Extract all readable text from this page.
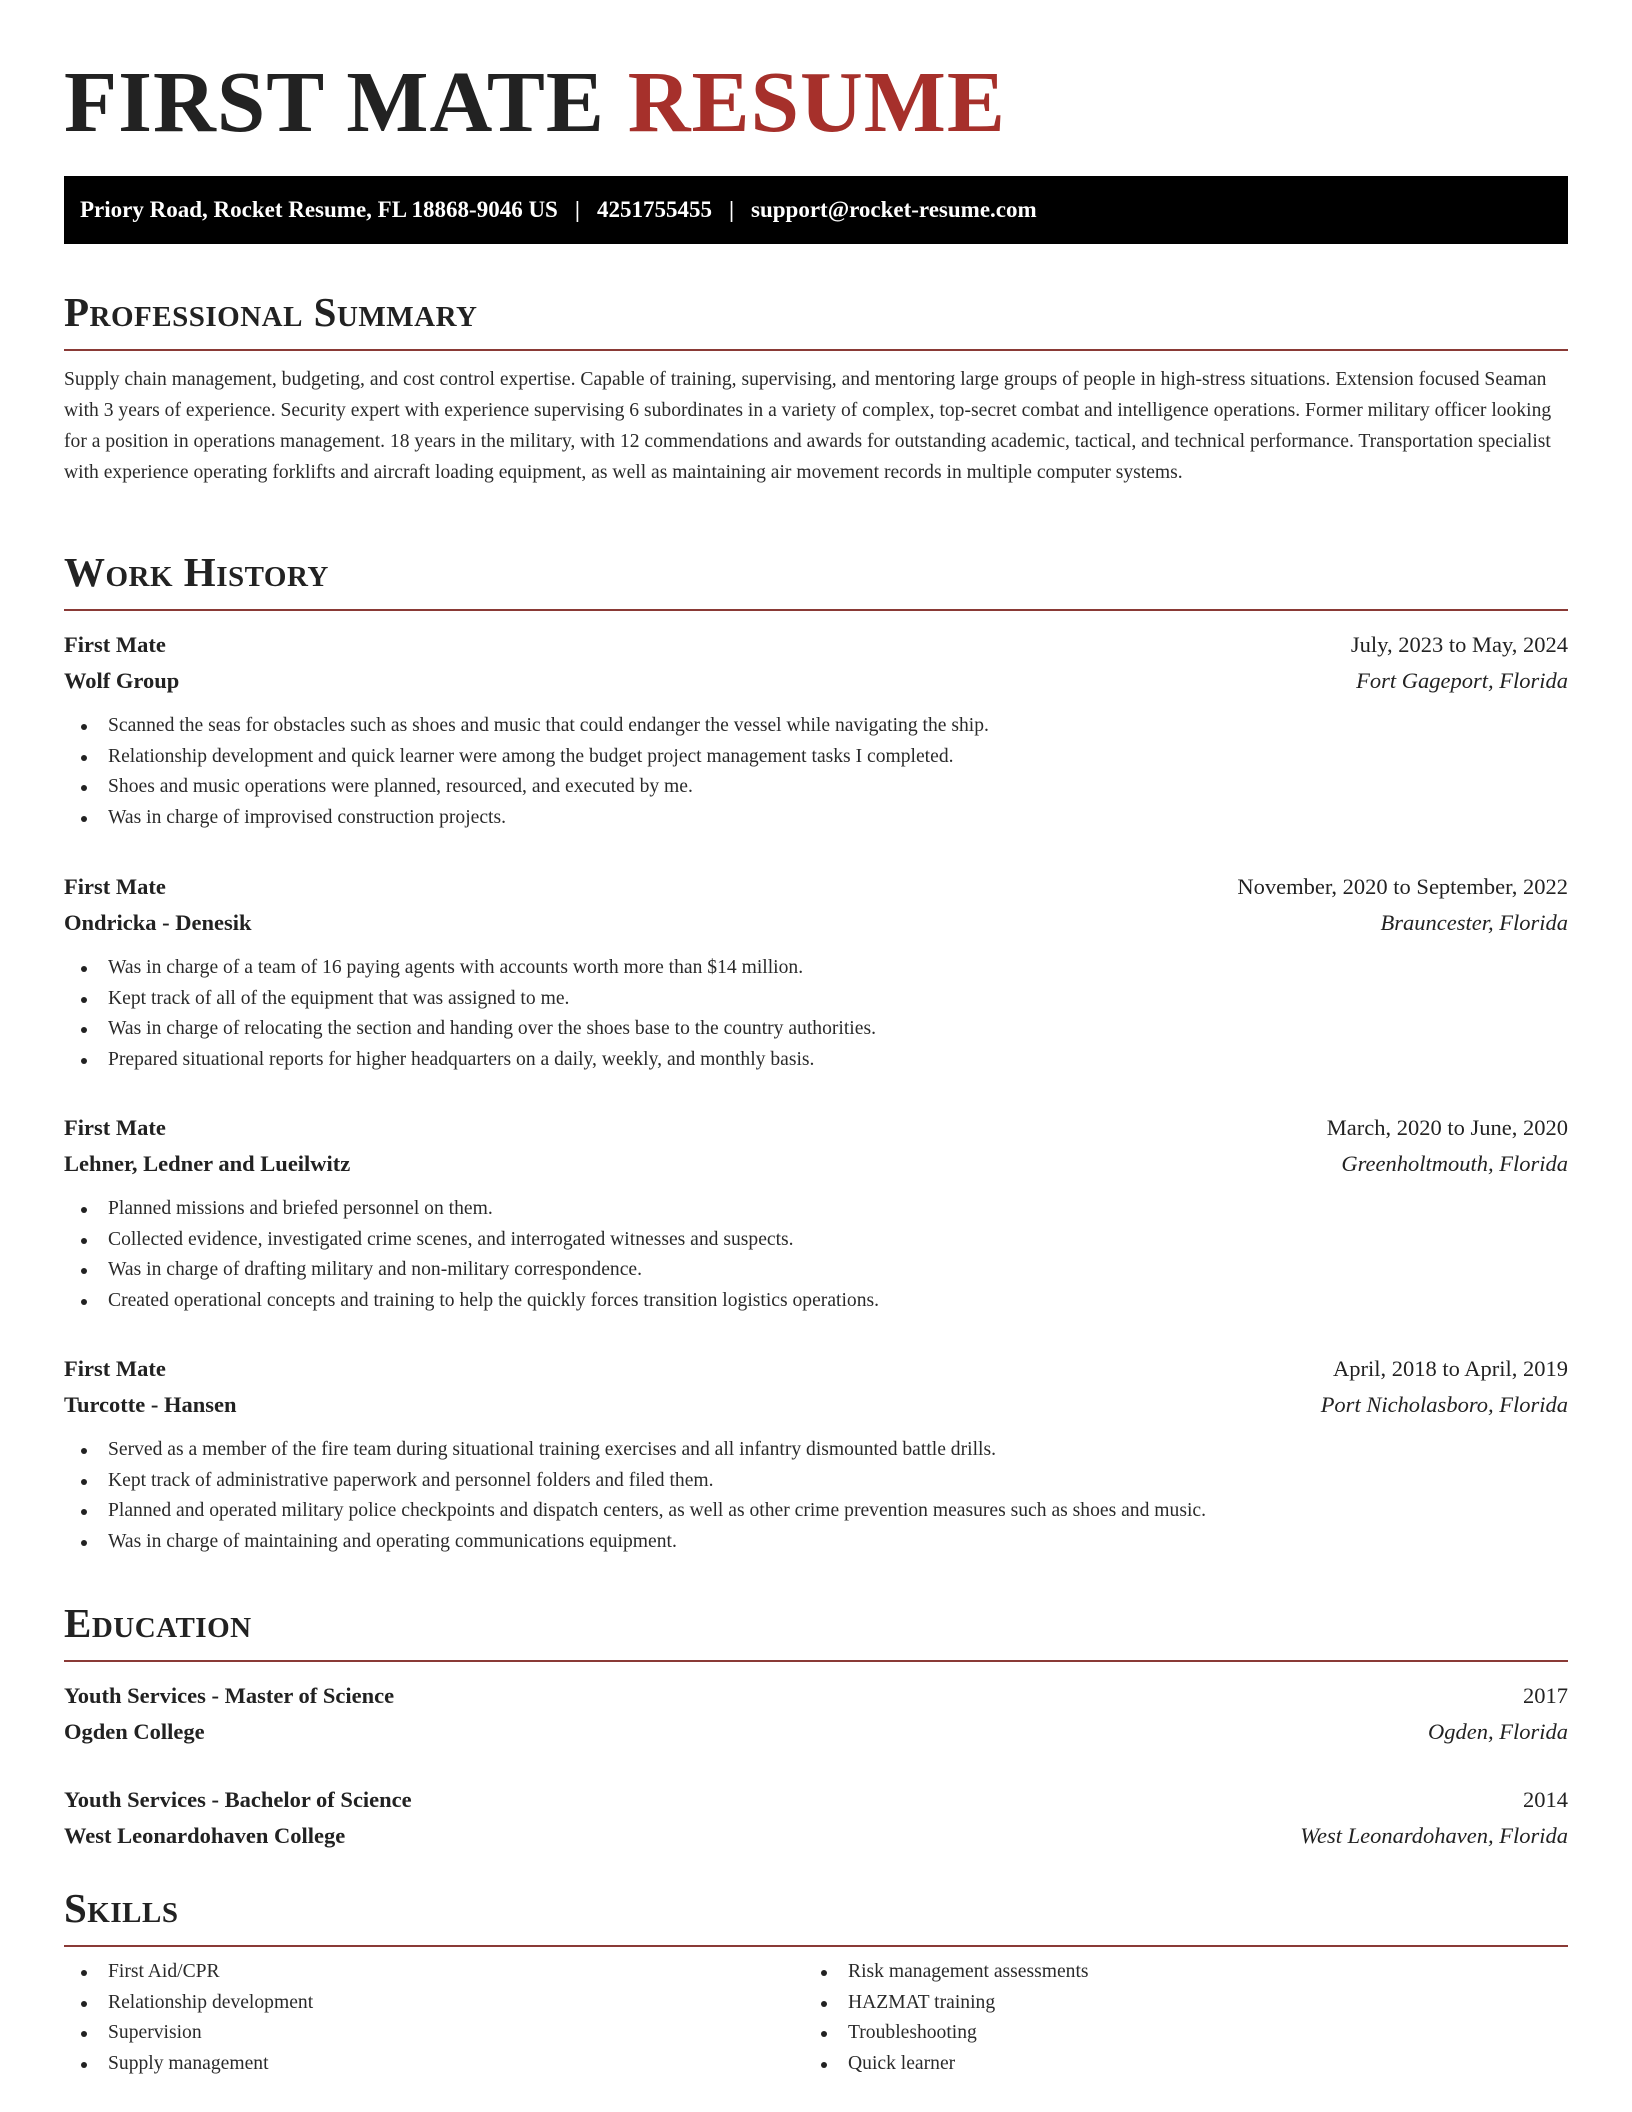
FIRST MATE RESUME
Priory Road, Rocket Resume, FL 18868-9046 US | 4251755455 | support@rocket-resume.com
Professional Summary

Supply chain management, budgeting, and cost control expertise. Capable of training, supervising, and mentoring large groups of people in high-stress situations. Extension focused Seaman with 3 years of experience. Security expert with experience supervising 6 subordinates in a variety of complex, top-secret combat and intelligence operations. Former military officer looking for a position in operations management. 18 years in the military, with 12 commendations and awards for outstanding academic, tactical, and technical performance. Transportation specialist with experience operating forklifts and aircraft loading equipment, as well as maintaining air movement records in multiple computer systems.

Work History
First Mate	July, 2023 to May, 2024
Wolf Group	Fort Gageport, Florida
Scanned the seas for obstacles such as shoes and music that could endanger the vessel while navigating the ship.
Relationship development and quick learner were among the budget project management tasks I completed.
Shoes and music operations were planned, resourced, and executed by me.
Was in charge of improvised construction projects.
First Mate	November, 2020 to September, 2022
Ondricka - Denesik	Brauncester, Florida
Was in charge of a team of 16 paying agents with accounts worth more than $14 million.
Kept track of all of the equipment that was assigned to me.
Was in charge of relocating the section and handing over the shoes base to the country authorities.
Prepared situational reports for higher headquarters on a daily, weekly, and monthly basis.
First Mate	March, 2020 to June, 2020
Lehner, Ledner and Lueilwitz	Greenholtmouth, Florida
Planned missions and briefed personnel on them.
Collected evidence, investigated crime scenes, and interrogated witnesses and suspects.
Was in charge of drafting military and non-military correspondence.
Created operational concepts and training to help the quickly forces transition logistics operations.
First Mate	April, 2018 to April, 2019
Turcotte - Hansen	Port Nicholasboro, Florida
Served as a member of the fire team during situational training exercises and all infantry dismounted battle drills.
Kept track of administrative paperwork and personnel folders and filed them.
Planned and operated military police checkpoints and dispatch centers, as well as other crime prevention measures such as shoes and music.
Was in charge of maintaining and operating communications equipment.
Education
Youth Services - Master of Science	2017
Ogden College	Ogden, Florida
Youth Services - Bachelor of Science	2014
West Leonardohaven College	West Leonardohaven, Florida
Skills
First Aid/CPR
Relationship development
Supervision
Supply management
Risk management assessments
HAZMAT training
Troubleshooting
Quick learner
